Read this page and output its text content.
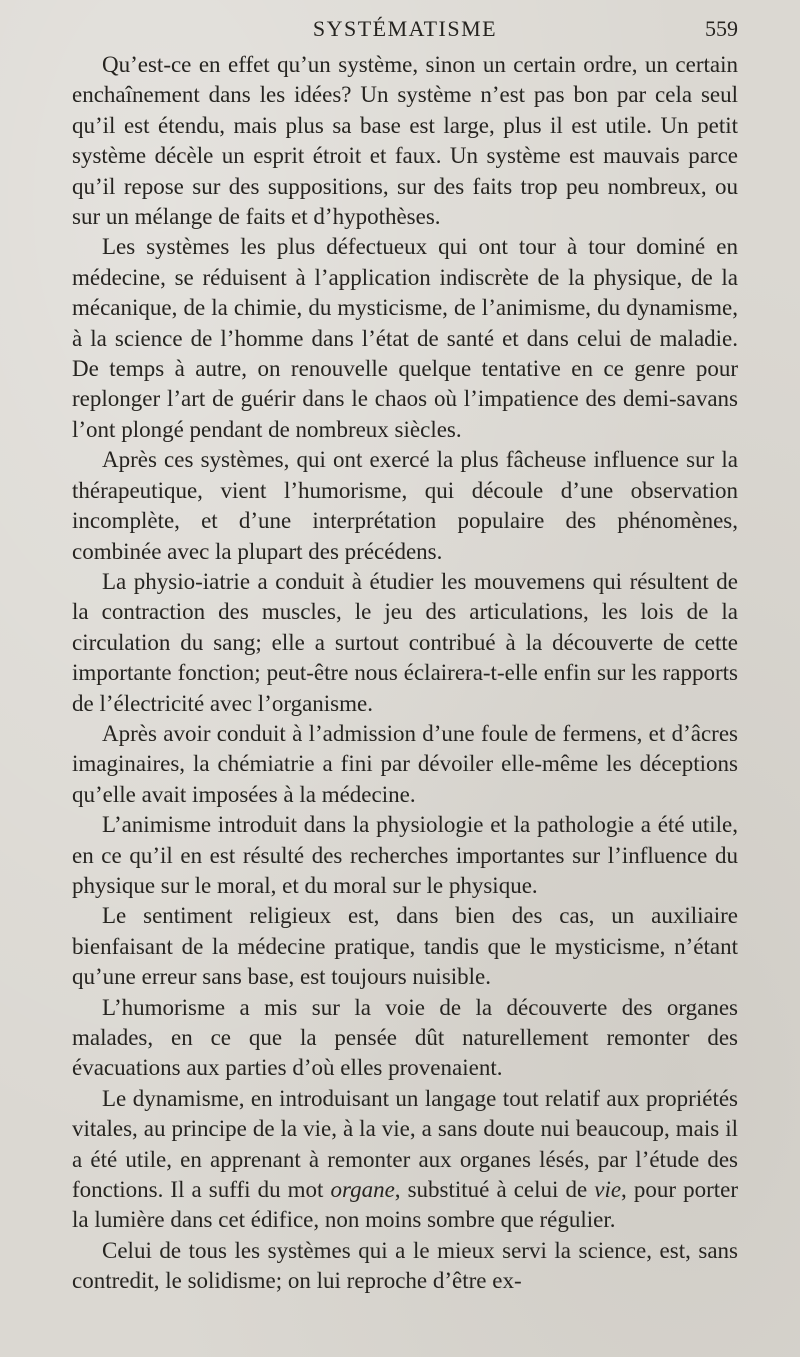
SYSTÉMATISME	559

Qu’est-ce en effet qu’un système, sinon un certain ordre, un certain enchaînement dans les idées? Un système n’est pas bon par cela seul qu’il est étendu, mais plus sa base est large, plus il est utile. Un petit système décèle un esprit étroit et faux. Un système est mauvais parce qu’il repose sur des suppositions, sur des faits trop peu nombreux, ou sur un mélange de faits et d’hypothèses.

Les systèmes les plus défectueux qui ont tour à tour dominé en médecine, se réduisent à l’application indiscrète de la physique, de la mécanique, de la chimie, du mysticisme, de l’animisme, du dynamisme, à la science de l’homme dans l’état de santé et dans celui de maladie. De temps à autre, on renouvelle quelque tentative en ce genre pour replonger l’art de guérir dans le chaos où l’impatience des demi-savans l’ont plongé pendant de nombreux siècles.

Après ces systèmes, qui ont exercé la plus fâcheuse influence sur la thérapeutique, vient l’humorisme, qui découle d’une observation incomplète, et d’une interprétation populaire des phénomènes, combinée avec la plupart des précédens.

La physio-iatrie a conduit à étudier les mouvemens qui résultent de la contraction des muscles, le jeu des articulations, les lois de la circulation du sang; elle a surtout contribué à la découverte de cette importante fonction; peut-être nous éclairera-t-elle enfin sur les rapports de l’électricité avec l’organisme.

Après avoir conduit à l’admission d’une foule de fermens, et d’âcres imaginaires, la chémiatrie a fini par dévoiler elle-même les déceptions qu’elle avait imposées à la médecine.

L’animisme introduit dans la physiologie et la pathologie a été utile, en ce qu’il en est résulté des recherches importantes sur l’influence du physique sur le moral, et du moral sur le physique.

Le sentiment religieux est, dans bien des cas, un auxiliaire bienfaisant de la médecine pratique, tandis que le mysticisme, n’étant qu’une erreur sans base, est toujours nuisible.

L’humorisme a mis sur la voie de la découverte des organes malades, en ce que la pensée dût naturellement remonter des évacuations aux parties d’où elles provenaient.

Le dynamisme, en introduisant un langage tout relatif aux propriétés vitales, au principe de la vie, à la vie, a sans doute nui beaucoup, mais il a été utile, en apprenant à remonter aux organes lésés, par l’étude des fonctions. Il a suffi du mot organe, substitué à celui de vie, pour porter la lumière dans cet édifice, non moins sombre que régulier.

Celui de tous les systèmes qui a le mieux servi la science, est, sans contredit, le solidisme; on lui reproche d’être ex-
